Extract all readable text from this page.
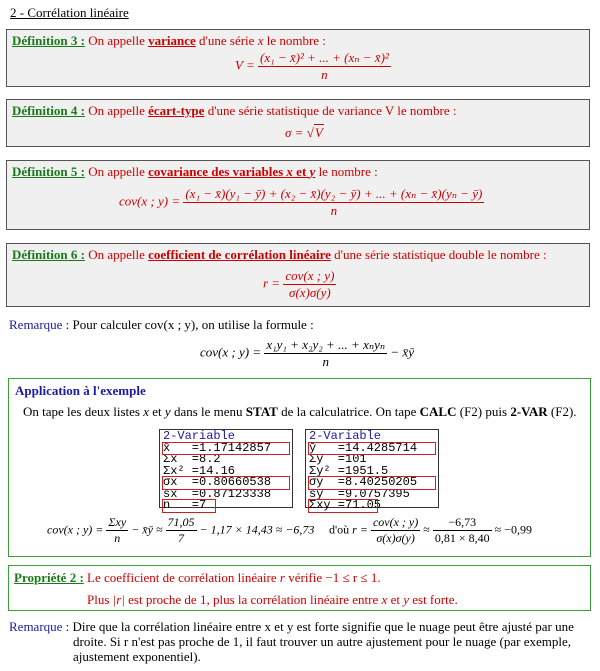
2 - Corrélation linéaire
Définition 3 : On appelle variance d'une série x le nombre :
$V = \frac{\text{(x₁ − x̄)² + ... + (xₙ − x̄)²}}{n}$
Définition 4 : On appelle écart-type d'une série statistique de variance V le nombre :
σ = √V
Définition 5 : On appelle covariance des variables x et y le nombre :
cov(x ; y) = (x₁ − x̄)(y₁ − ȳ) + (x₂ − x̄)(y₂ − ȳ) + ... + (xₙ − x̄)(yₙ − ȳ)
n
Définition 6 : On appelle coefficient de corrélation linéaire d'une série statistique double le nombre :
$r = \frac{\text{cov(x ; y)}}{\sigma(x)\sigma(y)}$
Remarque : Pour calculer cov(x ; y), on utilise la formule :
cov(x ; $y) = \frac{\text{x₁y₁ + x₂y₂ + ... + xₙyₙ}}{n}$ − x̄ȳ
Application à l'exemple
On tape les deux listes x et y dans le menu STAT de la calculatrice. On tape CALC (F2) puis 2-VAR (F2).
2-Variable
x̄   =1.17142857
Σx  =8.2
Σx² =14.16
σx  =0.80660538
sx  =0.87123338
n   =7
2-Variable
ȳ   =14.4285714
Σy  =101
Σy² =1951.5
σy  =8.40250205
sy  =9.0757395
Σxy =71.05
cov(x ; $y) = \frac{\text{Σxy}}{n}$ − x̄ȳ ≈ $\frac{71,05}{7} - 1,17 \times 14,43 \approx -6,73$ d'où $r = \frac{\text{cov(x ; y)}}{\sigma(x)\sigma(y)} \approx \frac{-6,73}{0,81 \times 8,40} \approx -0,99$
Propriété 2 : Le coefficient de corrélation linéaire r vérifie −1 ≤ r ≤ 1.
Plus |r| est proche de 1, plus la corrélation linéaire entre x et y est forte.
Remarque : Dire que la corrélation linéaire entre x et y est forte signifie que le nuage peut être ajusté par une
droite. Si r n'est pas proche de 1, il faut trouver un autre ajustement pour le nuage (par exemple,
ajustement exponentiel).
